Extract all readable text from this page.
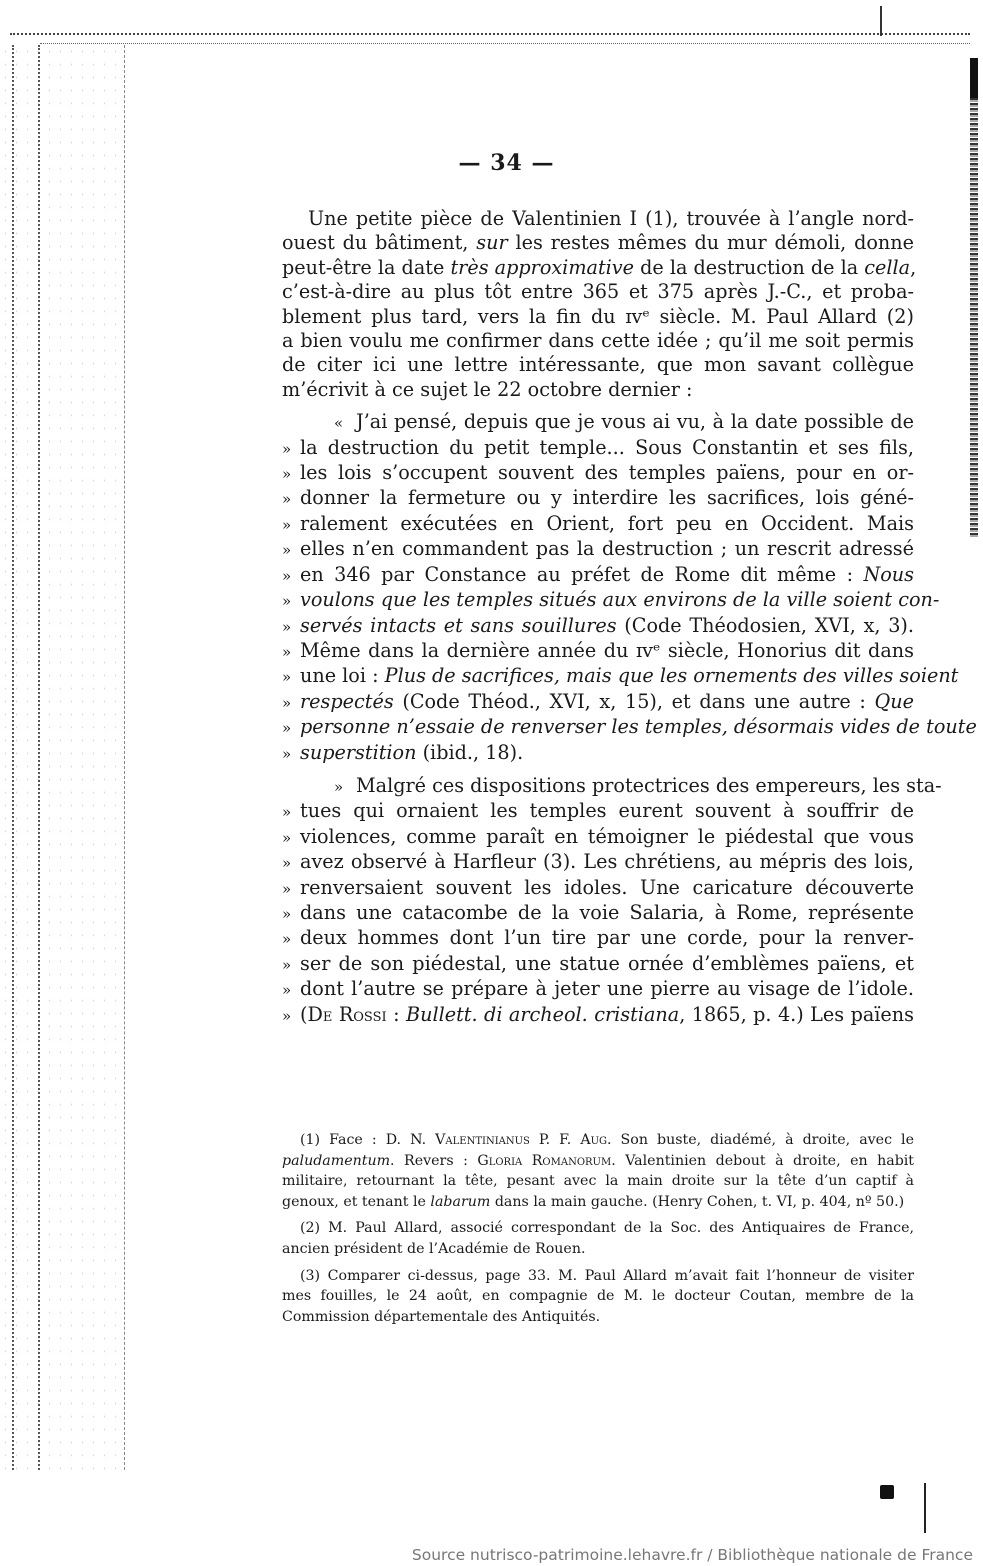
— 34 —
Une petite pièce de Valentinien I (1), trouvée à l’angle nord-
ouest du bâtiment, sur les restes mêmes du mur démoli, donne
peut-être la date très approximative de la destruction de la cella,
c’est-à-dire au plus tôt entre 365 et 375 après J.-C., et proba-
blement plus tard, vers la fin du ɪvᵉ siècle. M. Paul Allard (2)
a bien voulu me confirmer dans cette idée ; qu’il me soit permis
de citer ici une lettre intéressante, que mon savant collègue
m’écrivit à ce sujet le 22 octobre dernier :
« J’ai pensé, depuis que je vous ai vu, à la date possible de
» la destruction du petit temple... Sous Constantin et ses fils,
» les lois s’occupent souvent des temples païens, pour en or-
» donner la fermeture ou y interdire les sacrifices, lois géné-
» ralement exécutées en Orient, fort peu en Occident. Mais
» elles n’en commandent pas la destruction ; un rescrit adressé
» en 346 par Constance au préfet de Rome dit même : Nous
» voulons que les temples situés aux environs de la ville soient con-
» servés intacts et sans souillures (Code Théodosien, XVI, x, 3).
» Même dans la dernière année du ɪvᵉ siècle, Honorius dit dans
» une loi : Plus de sacrifices, mais que les ornements des villes soient
» respectés (Code Théod., XVI, x, 15), et dans une autre : Que
» personne n’essaie de renverser les temples, désormais vides de toute
» superstition (ibid., 18).
» Malgré ces dispositions protectrices des empereurs, les sta-
» tues qui ornaient les temples eurent souvent à souffrir de
» violences, comme paraît en témoigner le piédestal que vous
» avez observé à Harfleur (3). Les chrétiens, au mépris des lois,
» renversaient souvent les idoles. Une caricature découverte
» dans une catacombe de la voie Salaria, à Rome, représente
» deux hommes dont l’un tire par une corde, pour la renver-
» ser de son piédestal, une statue ornée d’emblèmes païens, et
» dont l’autre se prépare à jeter une pierre au visage de l’idole.
» (De Rossi : Bullett. di archeol. cristiana, 1865, p. 4.) Les païens
(1) Face : D. N. Valentinianus P. F. Aug. Son buste, diadémé, à droite, avec le
paludamentum. Revers : Gloria Romanorum. Valentinien debout à droite, en habit
militaire, retournant la tête, pesant avec la main droite sur la tête d’un captif à
genoux, et tenant le labarum dans la main gauche. (Henry Cohen, t. VI, p. 404, nº 50.)
(2) M. Paul Allard, associé correspondant de la Soc. des Antiquaires de France,
ancien président de l’Académie de Rouen.
(3) Comparer ci-dessus, page 33. M. Paul Allard m’avait fait l’honneur de visiter
mes fouilles, le 24 août, en compagnie de M. le docteur Coutan, membre de la
Commission départementale des Antiquités.
Source nutrisco-patrimoine.lehavre.fr / Bibliothèque nationale de France
